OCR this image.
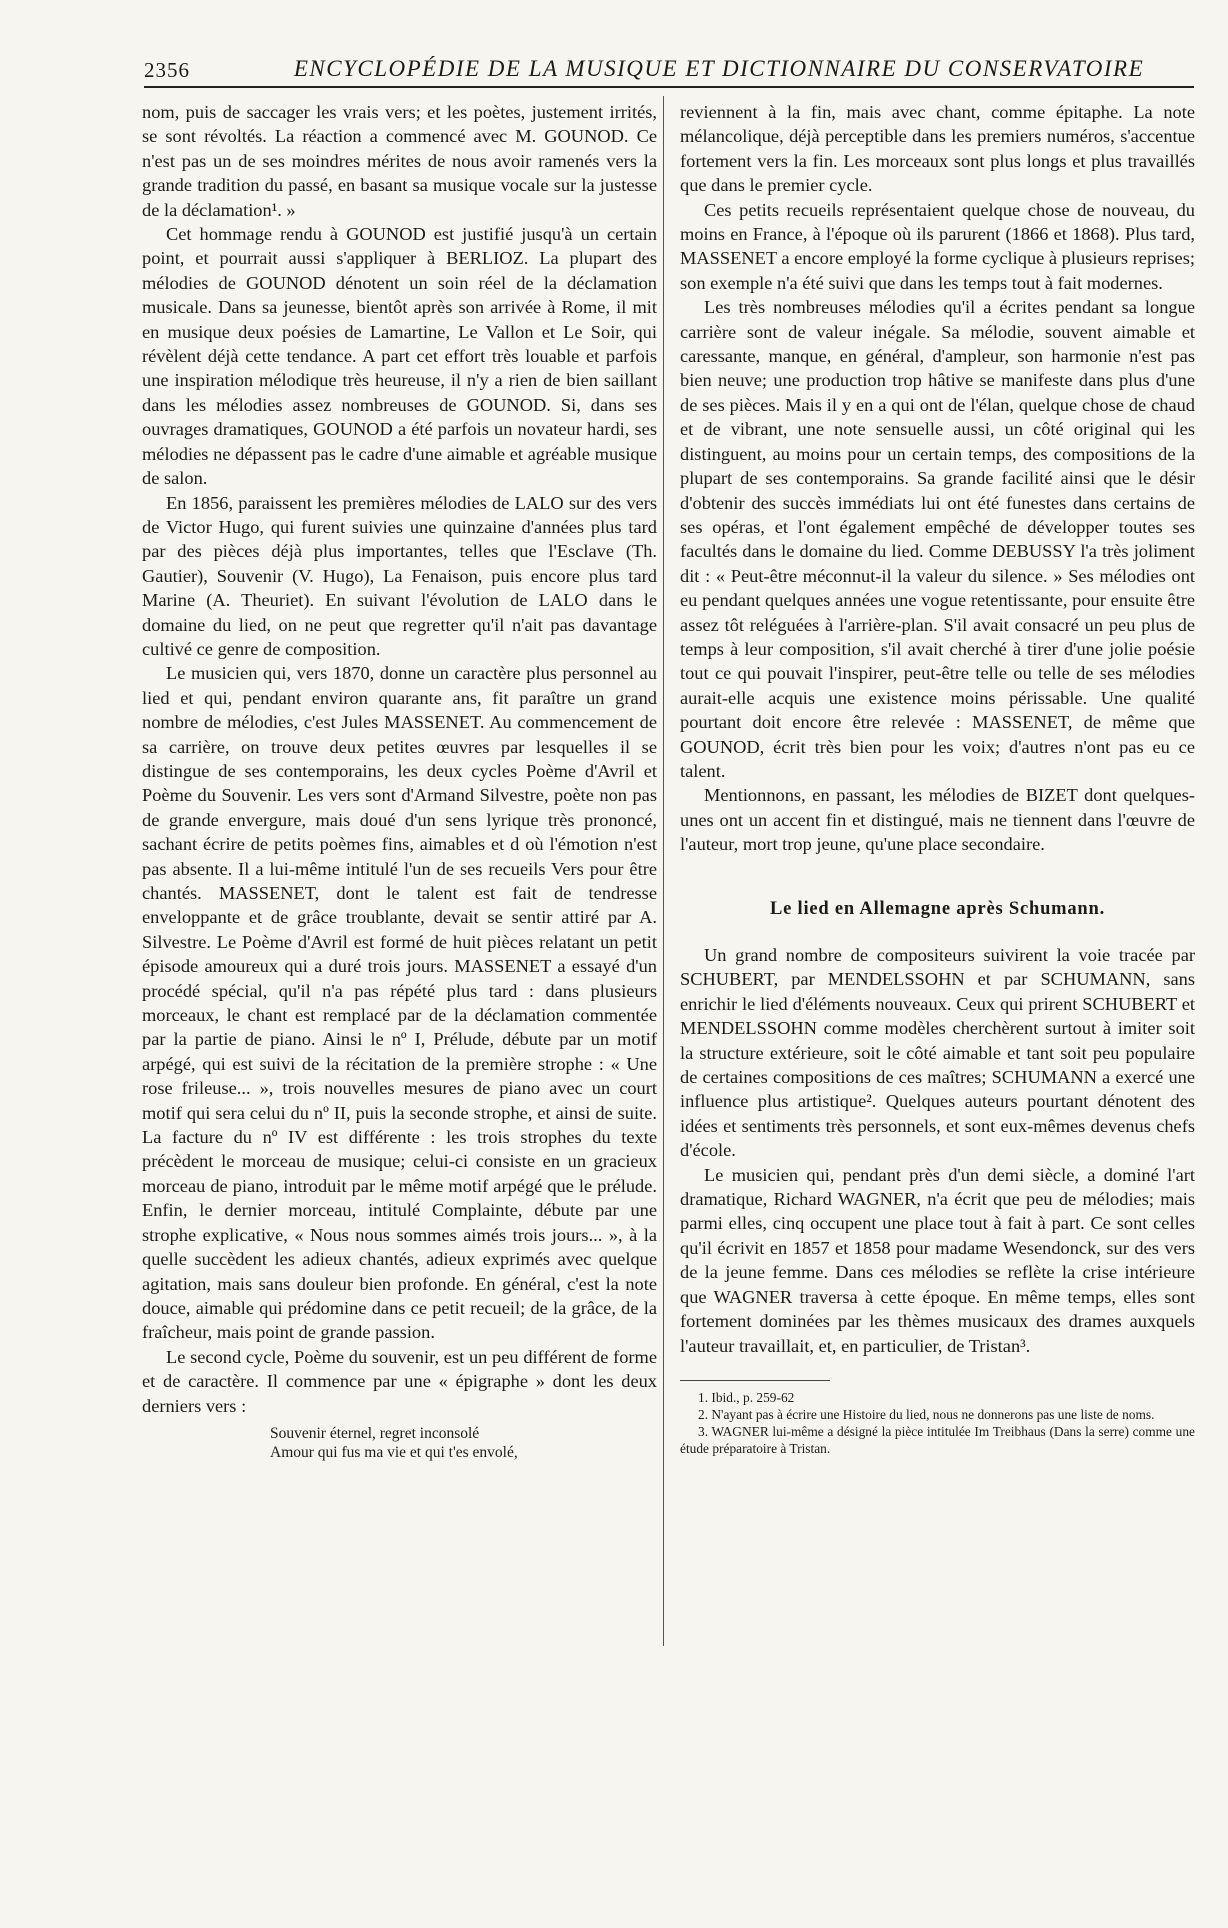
2356	ENCYCLOPÉDIE DE LA MUSIQUE ET DICTIONNAIRE DU CONSERVATOIRE

nom, puis de saccager les vrais vers; et les poètes, justement irrités, se sont révoltés. La réaction a commencé avec M. GOUNOD. Ce n'est pas un de ses moindres mérites de nous avoir ramenés vers la grande tradition du passé, en basant sa musique vocale sur la justesse de la déclamation¹. »

Cet hommage rendu à GOUNOD est justifié jusqu'à un certain point, et pourrait aussi s'appliquer à BERLIOZ. La plupart des mélodies de GOUNOD dénotent un soin réel de la déclamation musicale. Dans sa jeunesse, bientôt après son arrivée à Rome, il mit en musique deux poésies de Lamartine, Le Vallon et Le Soir, qui révèlent déjà cette tendance. A part cet effort très louable et parfois une inspiration mélodique très heureuse, il n'y a rien de bien saillant dans les mélodies assez nombreuses de GOUNOD. Si, dans ses ouvrages dramatiques, GOUNOD a été parfois un novateur hardi, ses mélodies ne dépassent pas le cadre d'une aimable et agréable musique de salon.

En 1856, paraissent les premières mélodies de LALO sur des vers de Victor Hugo, qui furent suivies une quinzaine d'années plus tard par des pièces déjà plus importantes, telles que l'Esclave (Th. Gautier), Souvenir (V. Hugo), La Fenaison, puis encore plus tard Marine (A. Theuriet). En suivant l'évolution de LALO dans le domaine du lied, on ne peut que regretter qu'il n'ait pas davantage cultivé ce genre de composition.

Le musicien qui, vers 1870, donne un caractère plus personnel au lied et qui, pendant environ quarante ans, fit paraître un grand nombre de mélodies, c'est Jules MASSENET. Au commencement de sa carrière, on trouve deux petites œuvres par lesquelles il se distingue de ses contemporains, les deux cycles Poème d'Avril et Poème du Souvenir. Les vers sont d'Armand Silvestre, poète non pas de grande envergure, mais doué d'un sens lyrique très prononcé, sachant écrire de petits poèmes fins, aimables et d où l'émotion n'est pas absente. Il a lui-même intitulé l'un de ses recueils Vers pour être chantés. MASSENET, dont le talent est fait de tendresse enveloppante et de grâce troublante, devait se sentir attiré par A. Silvestre. Le Poème d'Avril est formé de huit pièces relatant un petit épisode amoureux qui a duré trois jours. MASSENET a essayé d'un procédé spécial, qu'il n'a pas répété plus tard : dans plusieurs morceaux, le chant est remplacé par de la déclamation commentée par la partie de piano. Ainsi le nº I, Prélude, débute par un motif arpégé, qui est suivi de la récitation de la première strophe : « Une rose frileuse... », trois nouvelles mesures de piano avec un court motif qui sera celui du nº II, puis la seconde strophe, et ainsi de suite. La facture du nº IV est différente : les trois strophes du texte précèdent le morceau de musique; celui-ci consiste en un gracieux morceau de piano, introduit par le même motif arpégé que le prélude. Enfin, le dernier morceau, intitulé Complainte, débute par une strophe explicative, « Nous nous sommes aimés trois jours... », à la quelle succèdent les adieux chantés, adieux exprimés avec quelque agitation, mais sans douleur bien profonde. En général, c'est la note douce, aimable qui prédomine dans ce petit recueil; de la grâce, de la fraîcheur, mais point de grande passion.

Le second cycle, Poème du souvenir, est un peu différent de forme et de caractère. Il commence par une « épigraphe » dont les deux derniers vers :

Souvenir éternel, regret inconsolé
Amour qui fus ma vie et qui t'es envolé,

reviennent à la fin, mais avec chant, comme épitaphe. La note mélancolique, déjà perceptible dans les premiers numéros, s'accentue fortement vers la fin. Les morceaux sont plus longs et plus travaillés que dans le premier cycle.

Ces petits recueils représentaient quelque chose de nouveau, du moins en France, à l'époque où ils parurent (1866 et 1868). Plus tard, MASSENET a encore employé la forme cyclique à plusieurs reprises; son exemple n'a été suivi que dans les temps tout à fait modernes.

Les très nombreuses mélodies qu'il a écrites pendant sa longue carrière sont de valeur inégale. Sa mélodie, souvent aimable et caressante, manque, en général, d'ampleur, son harmonie n'est pas bien neuve; une production trop hâtive se manifeste dans plus d'une de ses pièces. Mais il y en a qui ont de l'élan, quelque chose de chaud et de vibrant, une note sensuelle aussi, un côté original qui les distinguent, au moins pour un certain temps, des compositions de la plupart de ses contemporains. Sa grande facilité ainsi que le désir d'obtenir des succès immédiats lui ont été funestes dans certains de ses opéras, et l'ont également empêché de développer toutes ses facultés dans le domaine du lied. Comme DEBUSSY l'a très joliment dit : « Peut-être méconnut-il la valeur du silence. » Ses mélodies ont eu pendant quelques années une vogue retentissante, pour ensuite être assez tôt reléguées à l'arrière-plan. S'il avait consacré un peu plus de temps à leur composition, s'il avait cherché à tirer d'une jolie poésie tout ce qui pouvait l'inspirer, peut-être telle ou telle de ses mélodies aurait-elle acquis une existence moins périssable. Une qualité pourtant doit encore être relevée : MASSENET, de même que GOUNOD, écrit très bien pour les voix; d'autres n'ont pas eu ce talent.

Mentionnons, en passant, les mélodies de BIZET dont quelques-unes ont un accent fin et distingué, mais ne tiennent dans l'œuvre de l'auteur, mort trop jeune, qu'une place secondaire.

Le lied en Allemagne après Schumann.

Un grand nombre de compositeurs suivirent la voie tracée par SCHUBERT, par MENDELSSOHN et par SCHUMANN, sans enrichir le lied d'éléments nouveaux. Ceux qui prirent SCHUBERT et MENDELSSOHN comme modèles cherchèrent surtout à imiter soit la structure extérieure, soit le côté aimable et tant soit peu populaire de certaines compositions de ces maîtres; SCHUMANN a exercé une influence plus artistique². Quelques auteurs pourtant dénotent des idées et sentiments très personnels, et sont eux-mêmes devenus chefs d'école.

Le musicien qui, pendant près d'un demi siècle, a dominé l'art dramatique, Richard WAGNER, n'a écrit que peu de mélodies; mais parmi elles, cinq occupent une place tout à fait à part. Ce sont celles qu'il écrivit en 1857 et 1858 pour madame Wesendonck, sur des vers de la jeune femme. Dans ces mélodies se reflète la crise intérieure que WAGNER traversa à cette époque. En même temps, elles sont fortement dominées par les thèmes musicaux des drames auxquels l'auteur travaillait, et, en particulier, de Tristan³.

1. Ibid., p. 259-62
2. N'ayant pas à écrire une Histoire du lied, nous ne donnerons pas une liste de noms.
3. WAGNER lui-même a désigné la pièce intitulée Im Treibhaus (Dans la serre) comme une étude préparatoire à Tristan.
